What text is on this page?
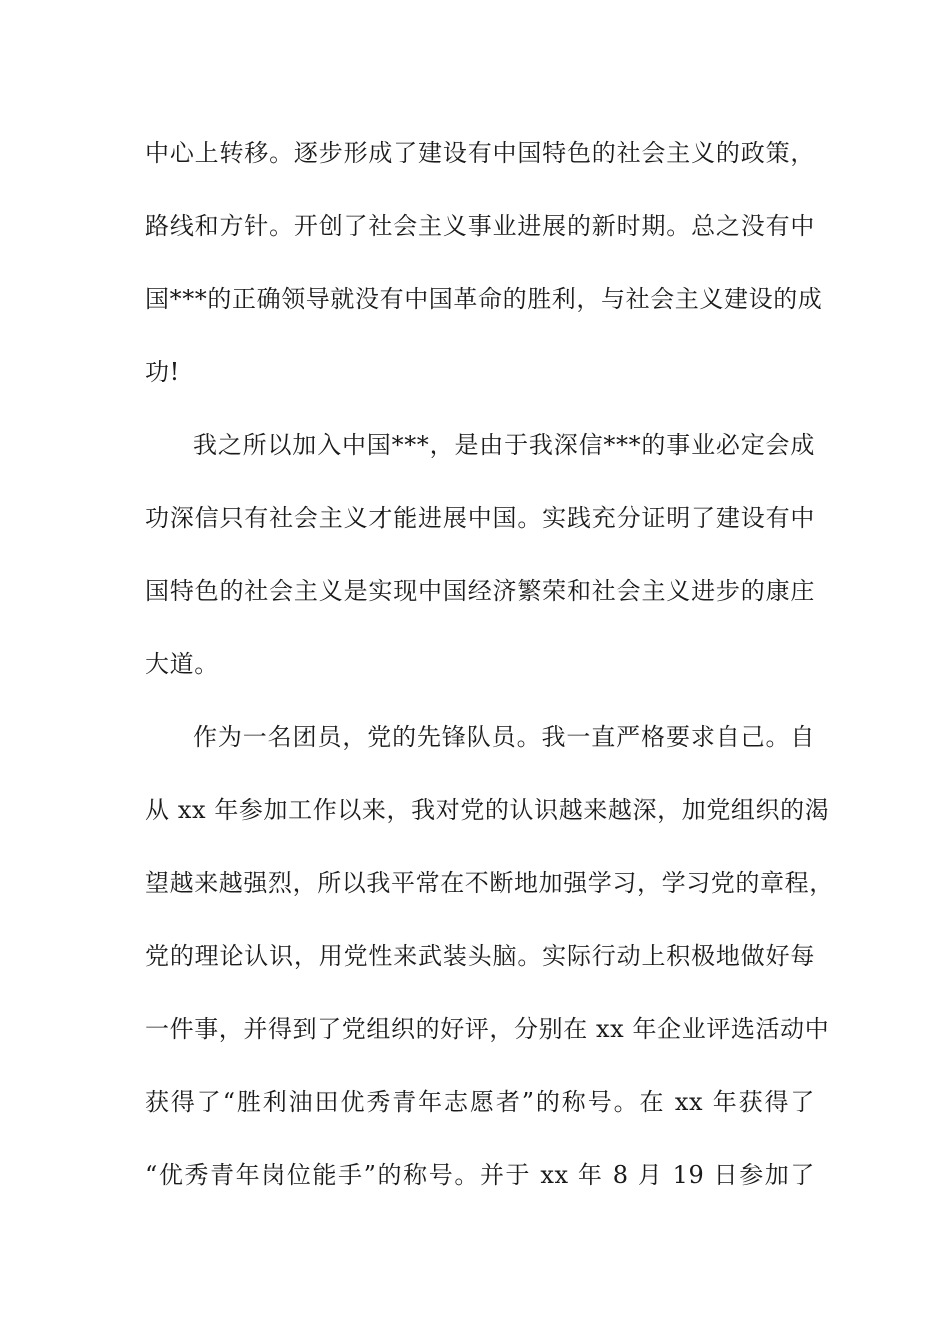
中心上转移。逐步形成了建设有中国特色的社会主义的政策，
路线和方针。开创了社会主义事业进展的新时期。总之没有中
国***的正确领导就没有中国革命的胜利，与社会主义建设的成
功!
我之所以加入中国***，是由于我深信***的事业必定会成
功深信只有社会主义才能进展中国。实践充分证明了建设有中
国特色的社会主义是实现中国经济繁荣和社会主义进步的康庄
大道。
作为一名团员，党的先锋队员。我一直严格要求自己。自
从 xx 年参加工作以来，我对党的认识越来越深，加党组织的渴
望越来越强烈，所以我平常在不断地加强学习，学习党的章程，
党的理论认识，用党性来武装头脑。实际行动上积极地做好每
一件事，并得到了党组织的好评，分别在 xx 年企业评选活动中
获得了“胜利油田优秀青年志愿者”的称号。在 xx 年获得了
“优秀青年岗位能手”的称号。并于 xx 年 8 月 19 日参加了
